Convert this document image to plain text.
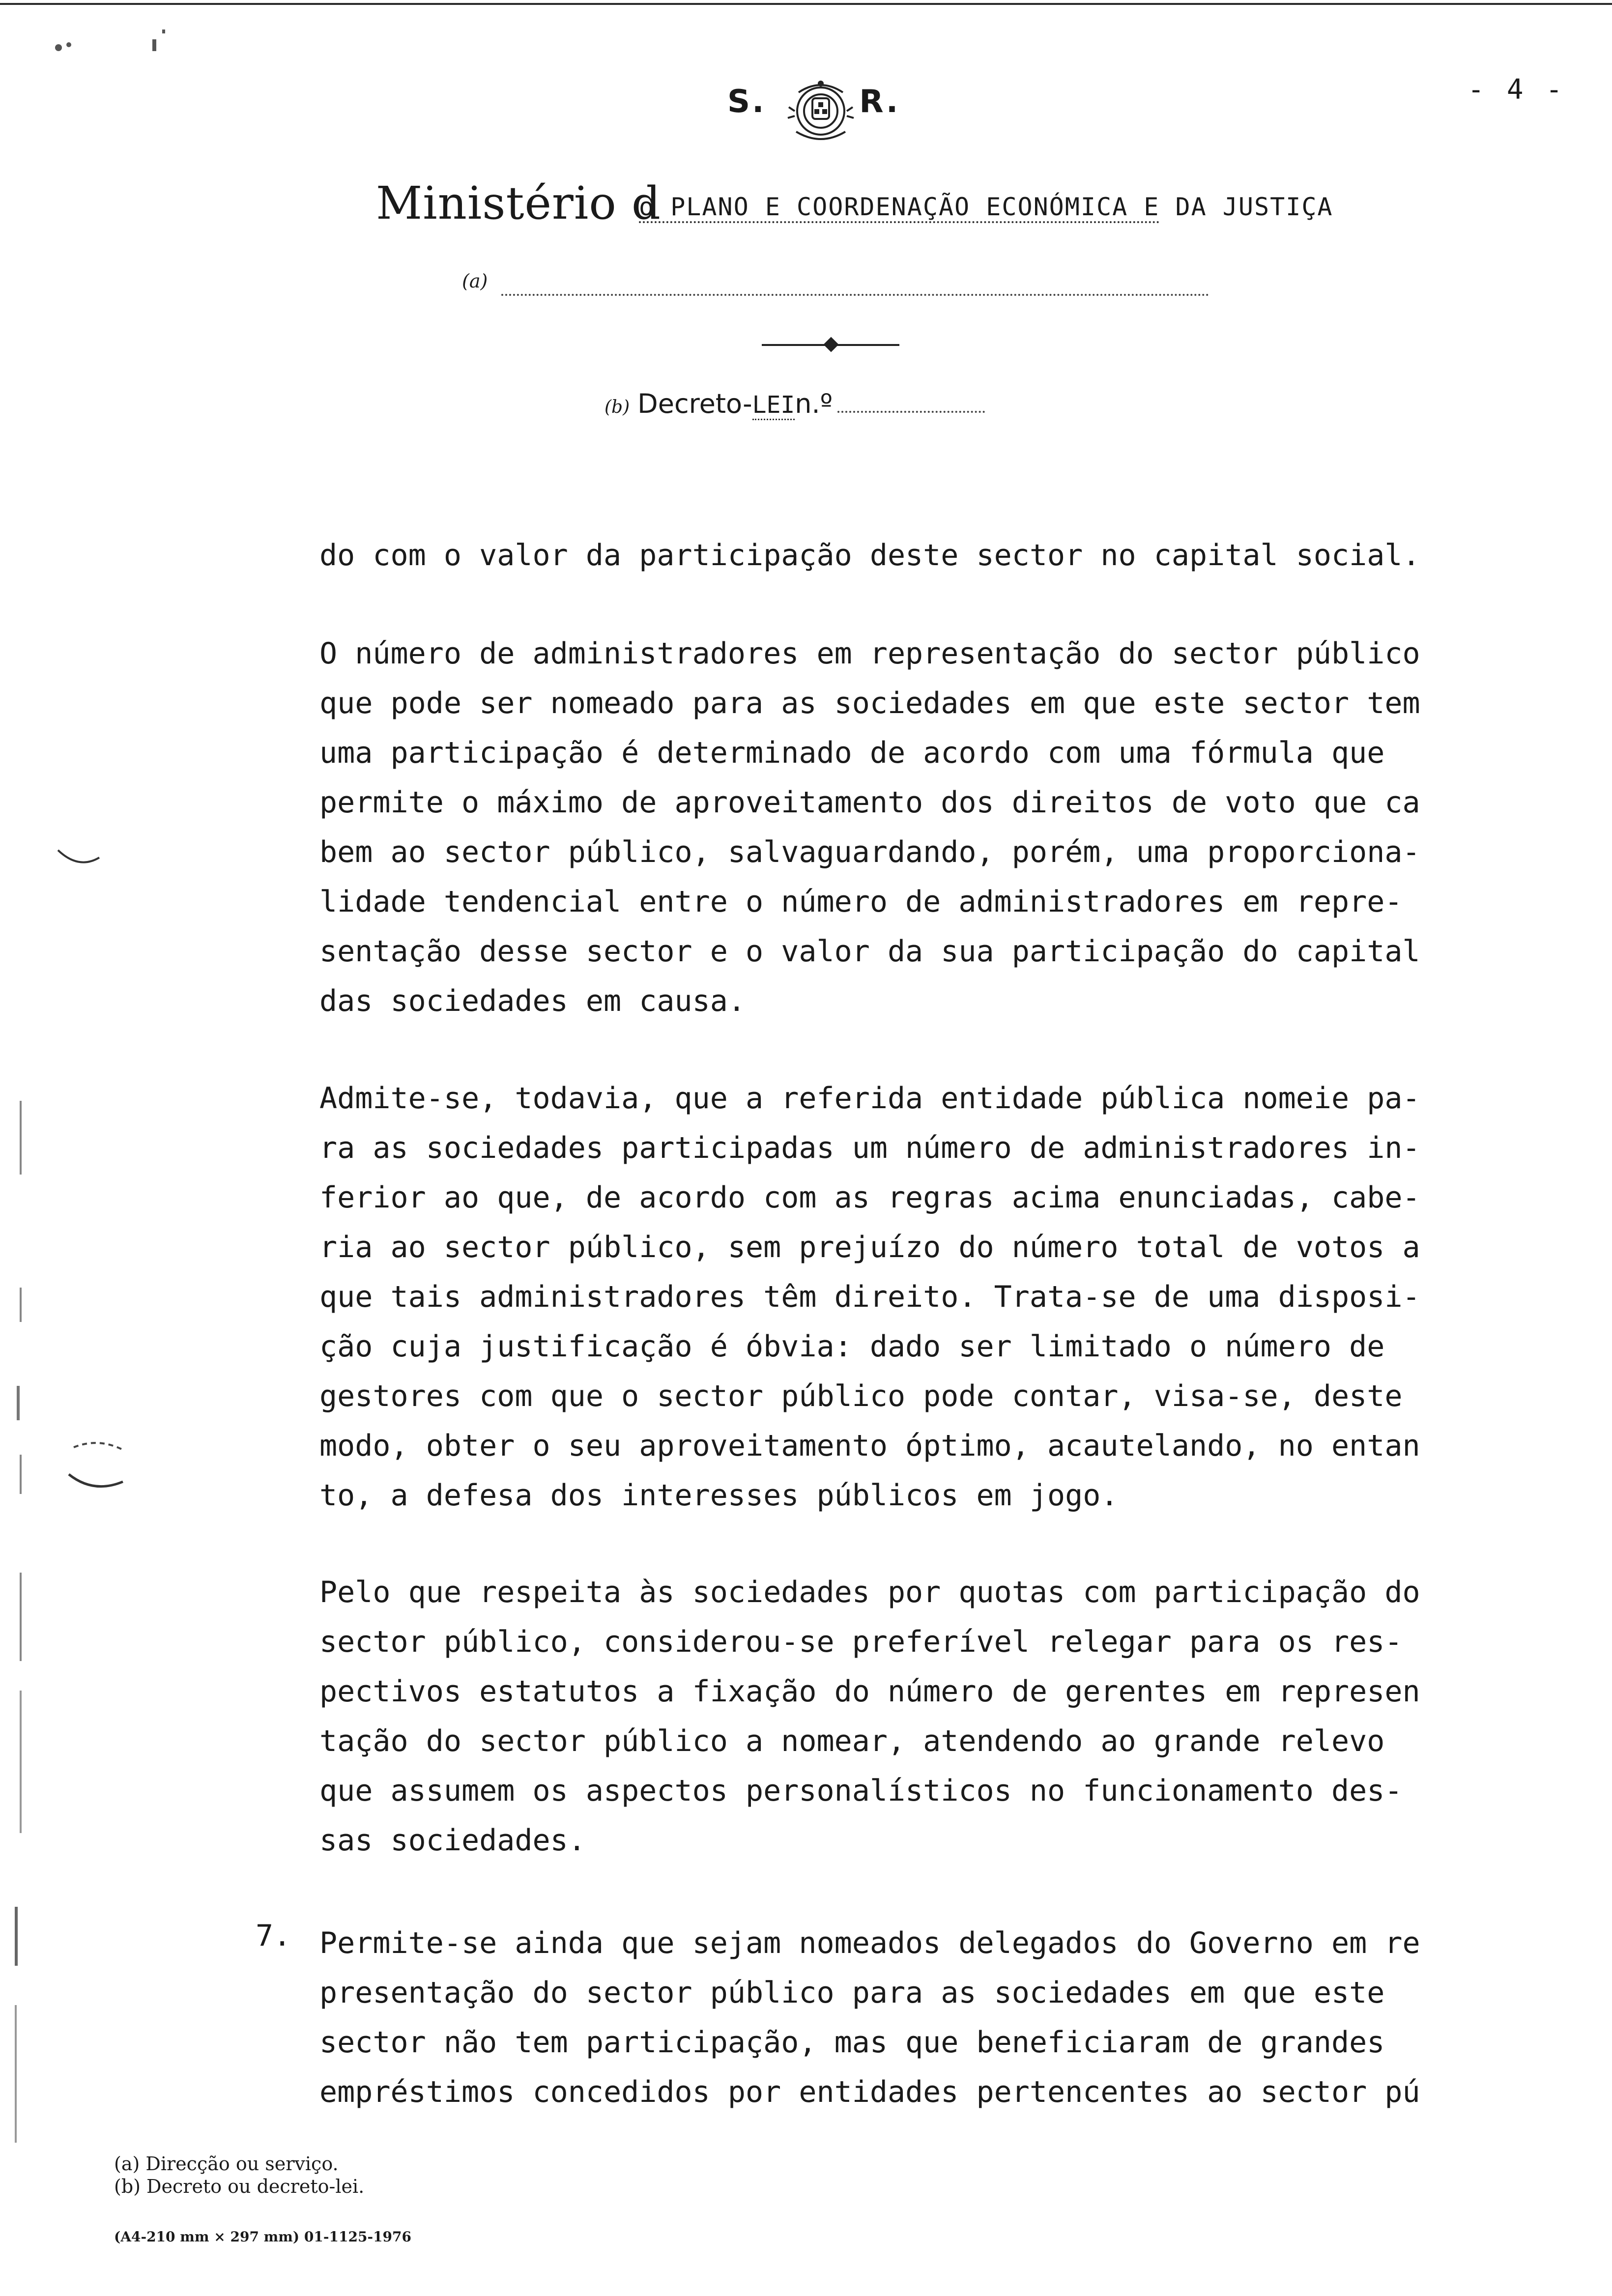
- 4 -
S.	R.
Ministério d
o PLANO E COORDENAÇÃO ECONÓMICA E DA JUSTIÇA
(a)
(b) Decreto-LEIn.º

do com o valor da participação deste sector no capital social.

O número de administradores em representação do sector público

que pode ser nomeado para as sociedades em que este sector tem

uma participação é determinado de acordo com uma fórmula que

permite o máximo de aproveitamento dos direitos de voto que ca

bem ao sector público, salvaguardando, porém, uma proporciona-

lidade tendencial entre o número de administradores em repre-

sentação desse sector e o valor da sua participação do capital

das sociedades em causa.

Admite-se, todavia, que a referida entidade pública nomeie pa-

ra as sociedades participadas um número de administradores in-

ferior ao que, de acordo com as regras acima enunciadas, cabe-

ria ao sector público, sem prejuízo do número total de votos a

que tais administradores têm direito. Trata-se de uma disposi-

ção cuja justificação é óbvia: dado ser limitado o número de

gestores com que o sector público pode contar, visa-se, deste

modo, obter o seu aproveitamento óptimo, acautelando, no entan

to, a defesa dos interesses públicos em jogo.

Pelo que respeita às sociedades por quotas com participação do

sector público, considerou-se preferível relegar para os res-

pectivos estatutos a fixação do número de gerentes em represen

tação do sector público a nomear, atendendo ao grande relevo

que assumem os aspectos personalísticos no funcionamento des-

sas sociedades.

7. Permite-se ainda que sejam nomeados delegados do Governo em re

presentação do sector público para as sociedades em que este

sector não tem participação, mas que beneficiaram de grandes

empréstimos concedidos por entidades pertencentes ao sector pú

(a) Direcção ou serviço.
(b) Decreto ou decreto-lei.
(A4-210 mm × 297 mm) 01-1125-1976
